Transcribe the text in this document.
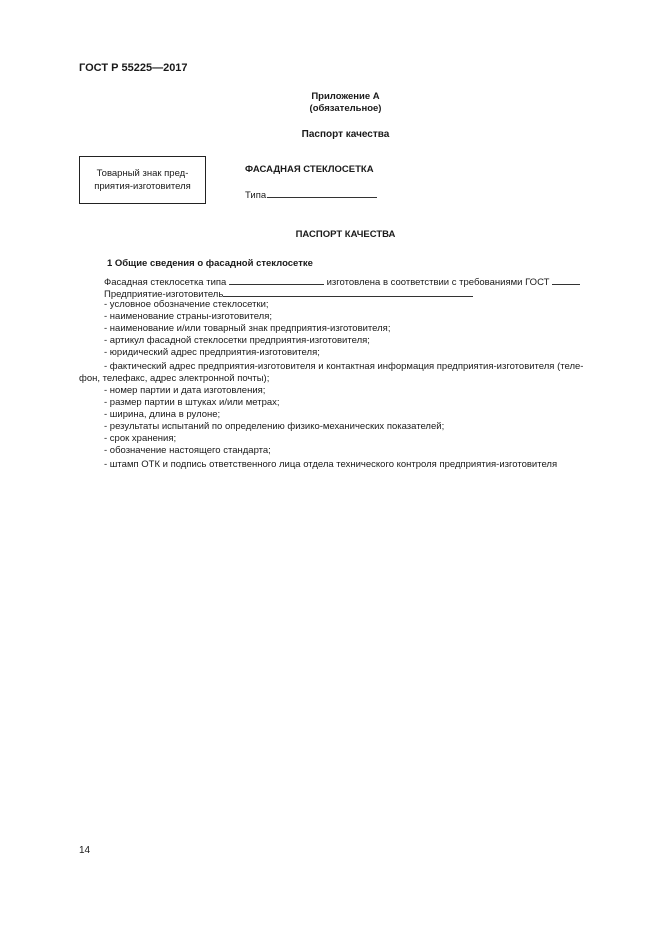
ГОСТ Р 55225—2017
Приложение А
(обязательное)
Паспорт качества
Товарный знак пред-приятия-изготовителя
ФАСАДНАЯ СТЕКЛОСЕТКА
Типа
ПАСПОРТ КАЧЕСТВА
1 Общие сведения о фасадной стеклосетке
Фасадная стеклосетка типа	изготовлена в соответствии с требованиями ГОСТ
Предприятие-изготовитель
- условное обозначение стеклосетки;
- наименование страны-изготовителя;
- наименование и/или товарный знак предприятия-изготовителя;
- артикул фасадной стеклосетки предприятия-изготовителя;
- юридический адрес предприятия-изготовителя;
- фактический адрес предприятия-изготовителя и контактная информация предприятия-изготовителя (теле-
фон, телефакс, адрес электронной почты);
- номер партии и дата изготовления;
- размер партии в штуках и/или метрах;
- ширина, длина в рулоне;
- результаты испытаний по определению физико-механических показателей;
- срок хранения;
- обозначение настоящего стандарта;
- штамп ОТК и подпись ответственного лица отдела технического контроля предприятия-изготовителя
14
